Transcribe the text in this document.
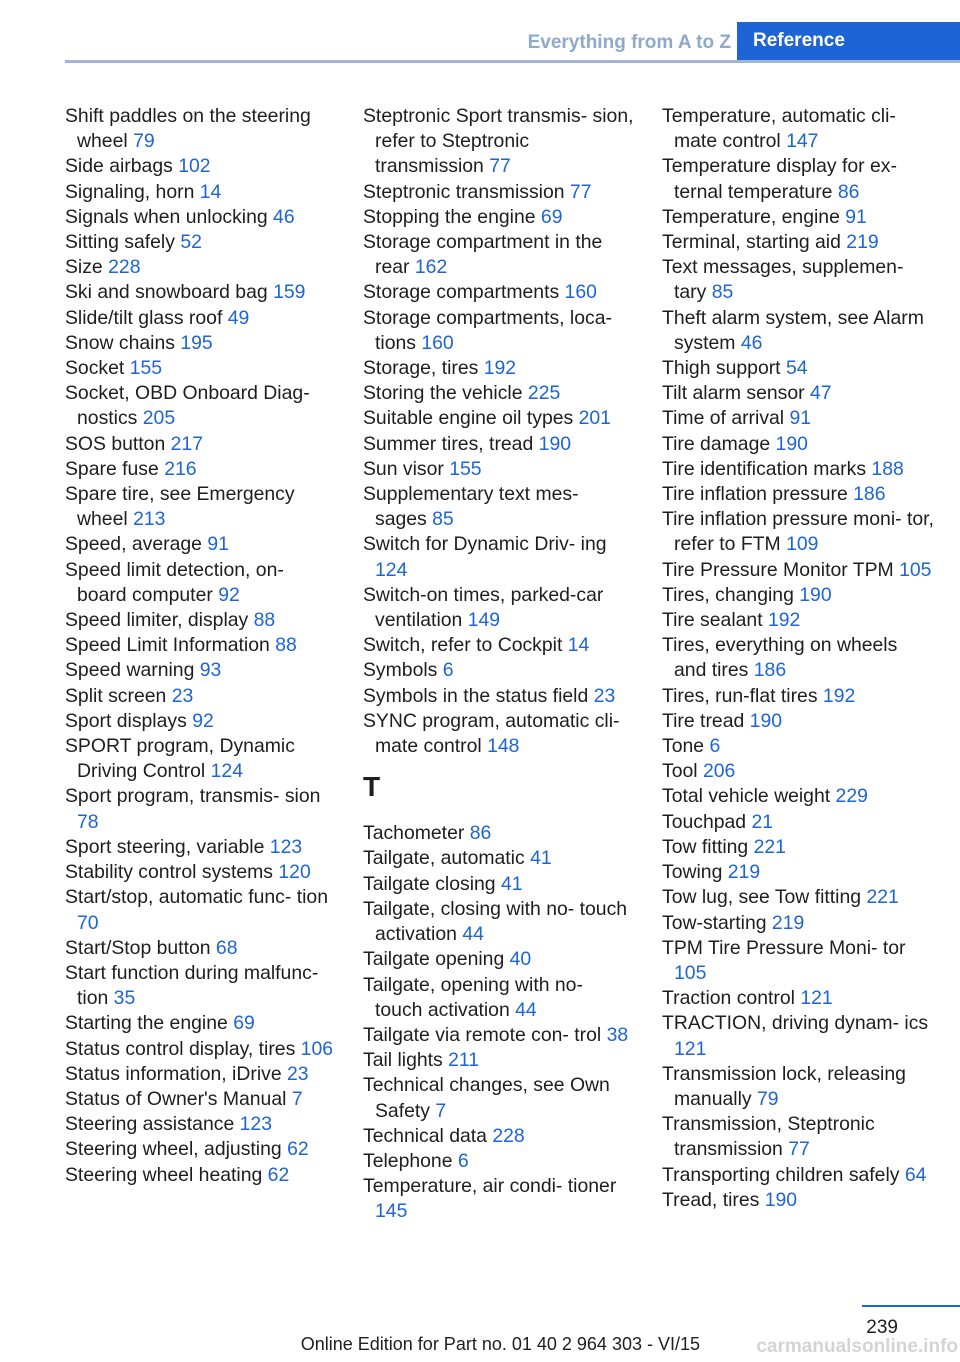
Everything from A to Z	Reference
Shift paddles on the steering wheel 79
Side airbags 102
Signaling, horn 14
Signals when unlocking 46
Sitting safely 52
Size 228
Ski and snowboard bag 159
Slide/tilt glass roof 49
Snow chains 195
Socket 155
Socket, OBD Onboard Diag‐ nostics 205
SOS button 217
Spare fuse 216
Spare tire, see Emergency wheel 213
Speed, average 91
Speed limit detection, on‐ board computer 92
Speed limiter, display 88
Speed Limit Information 88
Speed warning 93
Split screen 23
Sport displays 92
SPORT program, Dynamic Driving Control 124
Sport program, transmis‐ sion 78
Sport steering, variable 123
Stability control systems 120
Start/stop, automatic func‐ tion 70
Start/Stop button 68
Start function during malfunc‐ tion 35
Starting the engine 69
Status control display, tires 106
Status information, iDrive 23
Status of Owner's Manual 7
Steering assistance 123
Steering wheel, adjusting 62
Steering wheel heating 62
Steptronic Sport transmis‐ sion, refer to Steptronic transmission 77
Steptronic transmission 77
Stopping the engine 69
Storage compartment in the rear 162
Storage compartments 160
Storage compartments, loca‐ tions 160
Storage, tires 192
Storing the vehicle 225
Suitable engine oil types 201
Summer tires, tread 190
Sun visor 155
Supplementary text mes‐ sages 85
Switch for Dynamic Driv‐ ing 124
Switch-on times, parked-car ventilation 149
Switch, refer to Cockpit 14
Symbols 6
Symbols in the status field 23
SYNC program, automatic cli‐ mate control 148
T
Tachometer 86
Tailgate, automatic 41
Tailgate closing 41
Tailgate, closing with no- touch activation 44
Tailgate opening 40
Tailgate, opening with no- touch activation 44
Tailgate via remote con‐ trol 38
Tail lights 211
Technical changes, see Own Safety 7
Technical data 228
Telephone 6
Temperature, air condi‐ tioner 145
Temperature, automatic cli‐ mate control 147
Temperature display for ex‐ ternal temperature 86
Temperature, engine 91
Terminal, starting aid 219
Text messages, supplemen‐ tary 85
Theft alarm system, see Alarm system 46
Thigh support 54
Tilt alarm sensor 47
Time of arrival 91
Tire damage 190
Tire identification marks 188
Tire inflation pressure 186
Tire inflation pressure moni‐ tor, refer to FTM 109
Tire Pressure Monitor TPM 105
Tires, changing 190
Tire sealant 192
Tires, everything on wheels and tires 186
Tires, run-flat tires 192
Tire tread 190
Tone 6
Tool 206
Total vehicle weight 229
Touchpad 21
Tow fitting 221
Towing 219
Tow lug, see Tow fitting 221
Tow-starting 219
TPM Tire Pressure Moni‐ tor 105
Traction control 121
TRACTION, driving dynam‐ ics 121
Transmission lock, releasing manually 79
Transmission, Steptronic transmission 77
Transporting children safely 64
Tread, tires 190
239
Online Edition for Part no. 01 40 2 964 303 - VI/15	carmanualsonline.info
